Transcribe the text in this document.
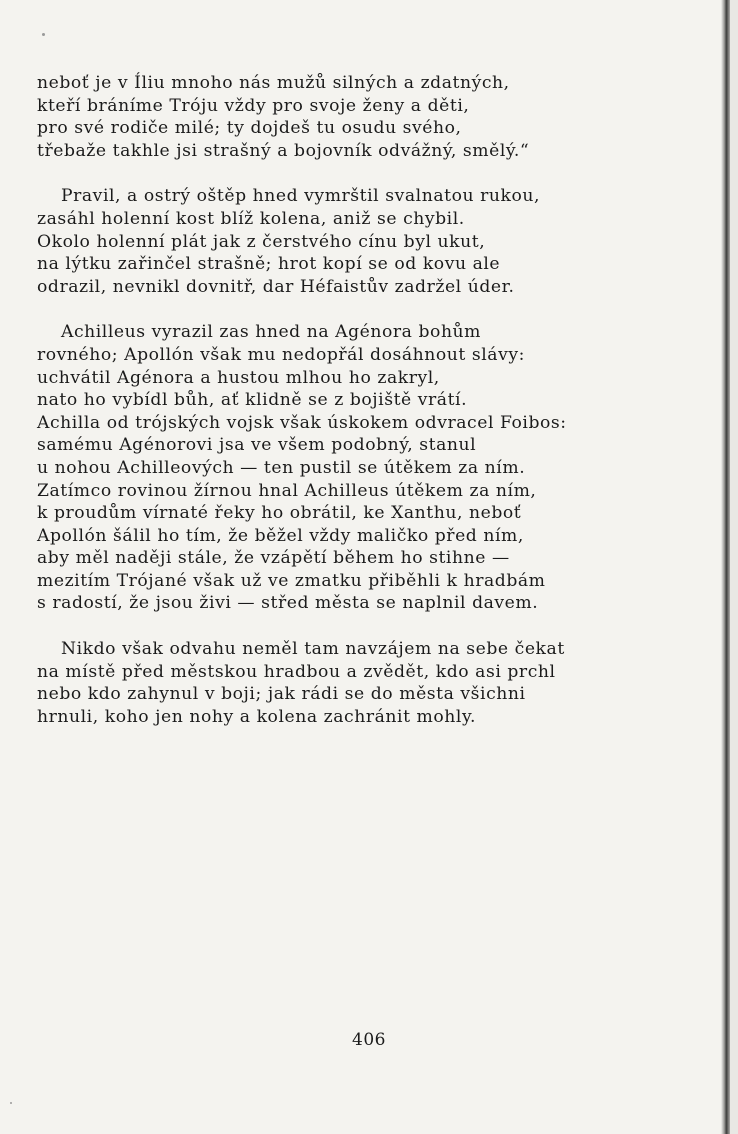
neboť je v Íliu mnoho nás mužů silných a zdatných,
kteří bráníme Tróju vždy pro svoje ženy a děti,
pro své rodiče milé; ty dojdeš tu osudu svého,
třebaže takhle jsi strašný a bojovník odvážný, smělý.“
Pravil, a ostrý oštěp hned vymrštil svalnatou rukou,
zasáhl holenní kost blíž kolena, aniž se chybil.
Okolo holenní plát jak z čerstvého cínu byl ukut,
na lýtku zařinčel strašně; hrot kopí se od kovu ale
odrazil, nevnikl dovnitř, dar Héfaistův zadržel úder.
Achilleus vyrazil zas hned na Agénora bohům
rovného; Apollón však mu nedopřál dosáhnout slávy:
uchvátil Agénora a hustou mlhou ho zakryl,
nato ho vybídl bůh, ať klidně se z bojiště vrátí.
Achilla od trójských vojsk však úskokem odvracel Foibos:
samému Agénorovi jsa ve všem podobný, stanul
u nohou Achilleových — ten pustil se útěkem za ním.
Zatímco rovinou žírnou hnal Achilleus útěkem za ním,
k proudům vírnaté řeky ho obrátil, ke Xanthu, neboť
Apollón šálil ho tím, že běžel vždy maličko před ním,
aby měl naději stále, že vzápětí během ho stihne —
mezitím Trójané však už ve zmatku přiběhli k hradbám
s radostí, že jsou živi — střed města se naplnil davem.
Nikdo však odvahu neměl tam navzájem na sebe čekat
na místě před městskou hradbou a zvědět, kdo asi prchl
nebo kdo zahynul v boji; jak rádi se do města všichni
hrnuli, koho jen nohy a kolena zachránit mohly.
406
